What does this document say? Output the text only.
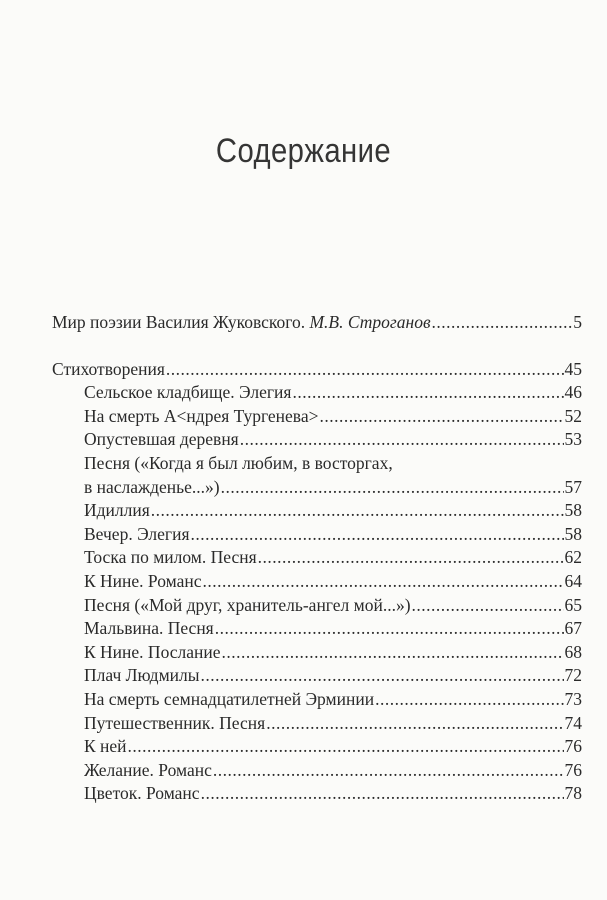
Содержание
Мир поэзии Василия Жуковского. М.В. Строганов .....	5
Стихотворения .....	45
Сельское кладбище. Элегия .....	46
На смерть А<ндрея Тургенева> .....	52
Опустевшая деревня .....	53
Песня («Когда я был любим, в восторгах,
в наслажденье...») .....	57
Идиллия .....	58
Вечер. Элегия .....	58
Тоска по милом. Песня .....	62
К Нине. Романс .....	64
Песня («Мой друг, хранитель-ангел мой...») .....	65
Мальвина. Песня .....	67
К Нине. Послание .....	68
Плач Людмилы .....	72
На смерть семнадцатилетней Эрминии .....	73
Путешественник. Песня .....	74
К ней .....	76
Желание. Романс .....	76
Цветок. Романс .....	78
